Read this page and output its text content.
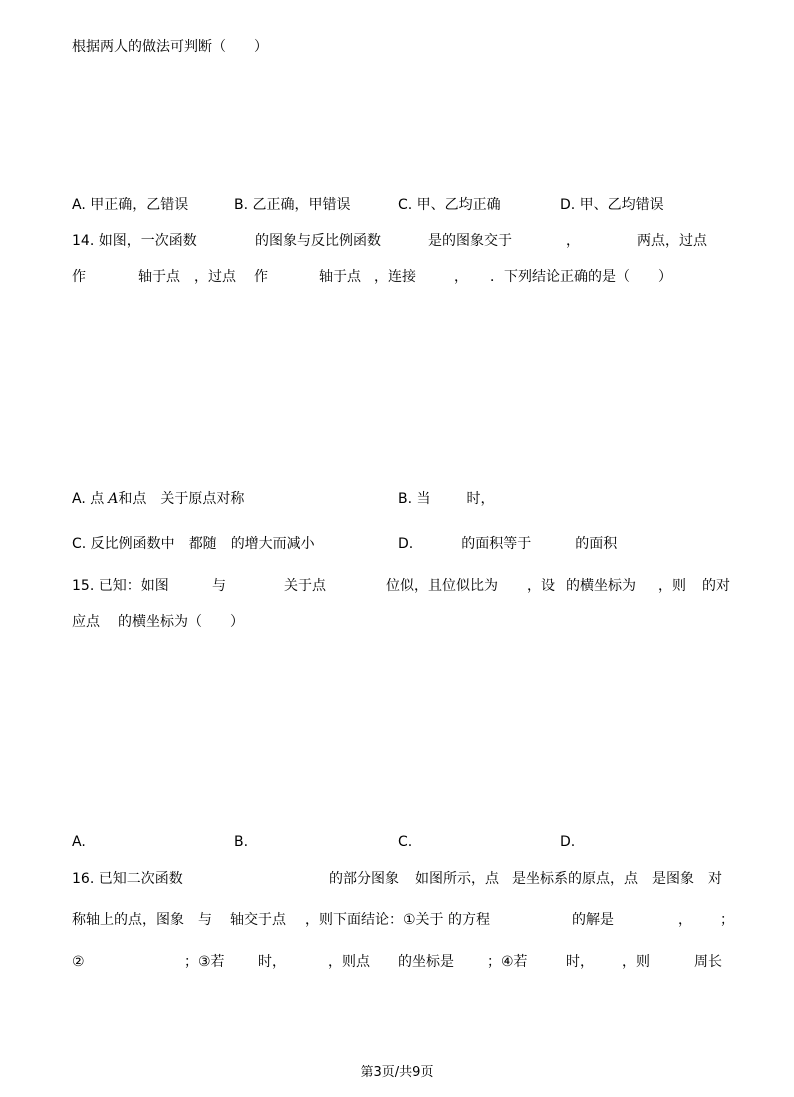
根据两人的做法可判断（　　）
A. 甲正确，乙错误	B. 乙正确，甲错误	C. 甲、乙均正确	D. 甲、乙均错误
14. 如图，一次函数	的图象与反比例函数	是的图象交于	，	两点，过点
作	轴于点 ，过点 作	轴于点 ，连接	， ．下列结论正确的是（　　）
A. 点 A和点 关于原点对称	B. 当	时，
C. 反比例函数中 都随 的增大而减小	D.	的面积等于	的面积
15. 已知：如图	与	关于点	位似，且位似比为 ，设 的横坐标为 ，则 的对
应点 的横坐标为（　　）
A.	B.	C.	D.
16. 已知二次函数	的部分图象 如图所示，点 是坐标系的原点，点 是图象 对
称轴上的点，图象 与 轴交于点 ，则下面结论：①关于 的方程	的解是	， ；
②	；③若 时，	，则点 的坐标是 ；④若	时， ，则	周长
第3页/共9页
